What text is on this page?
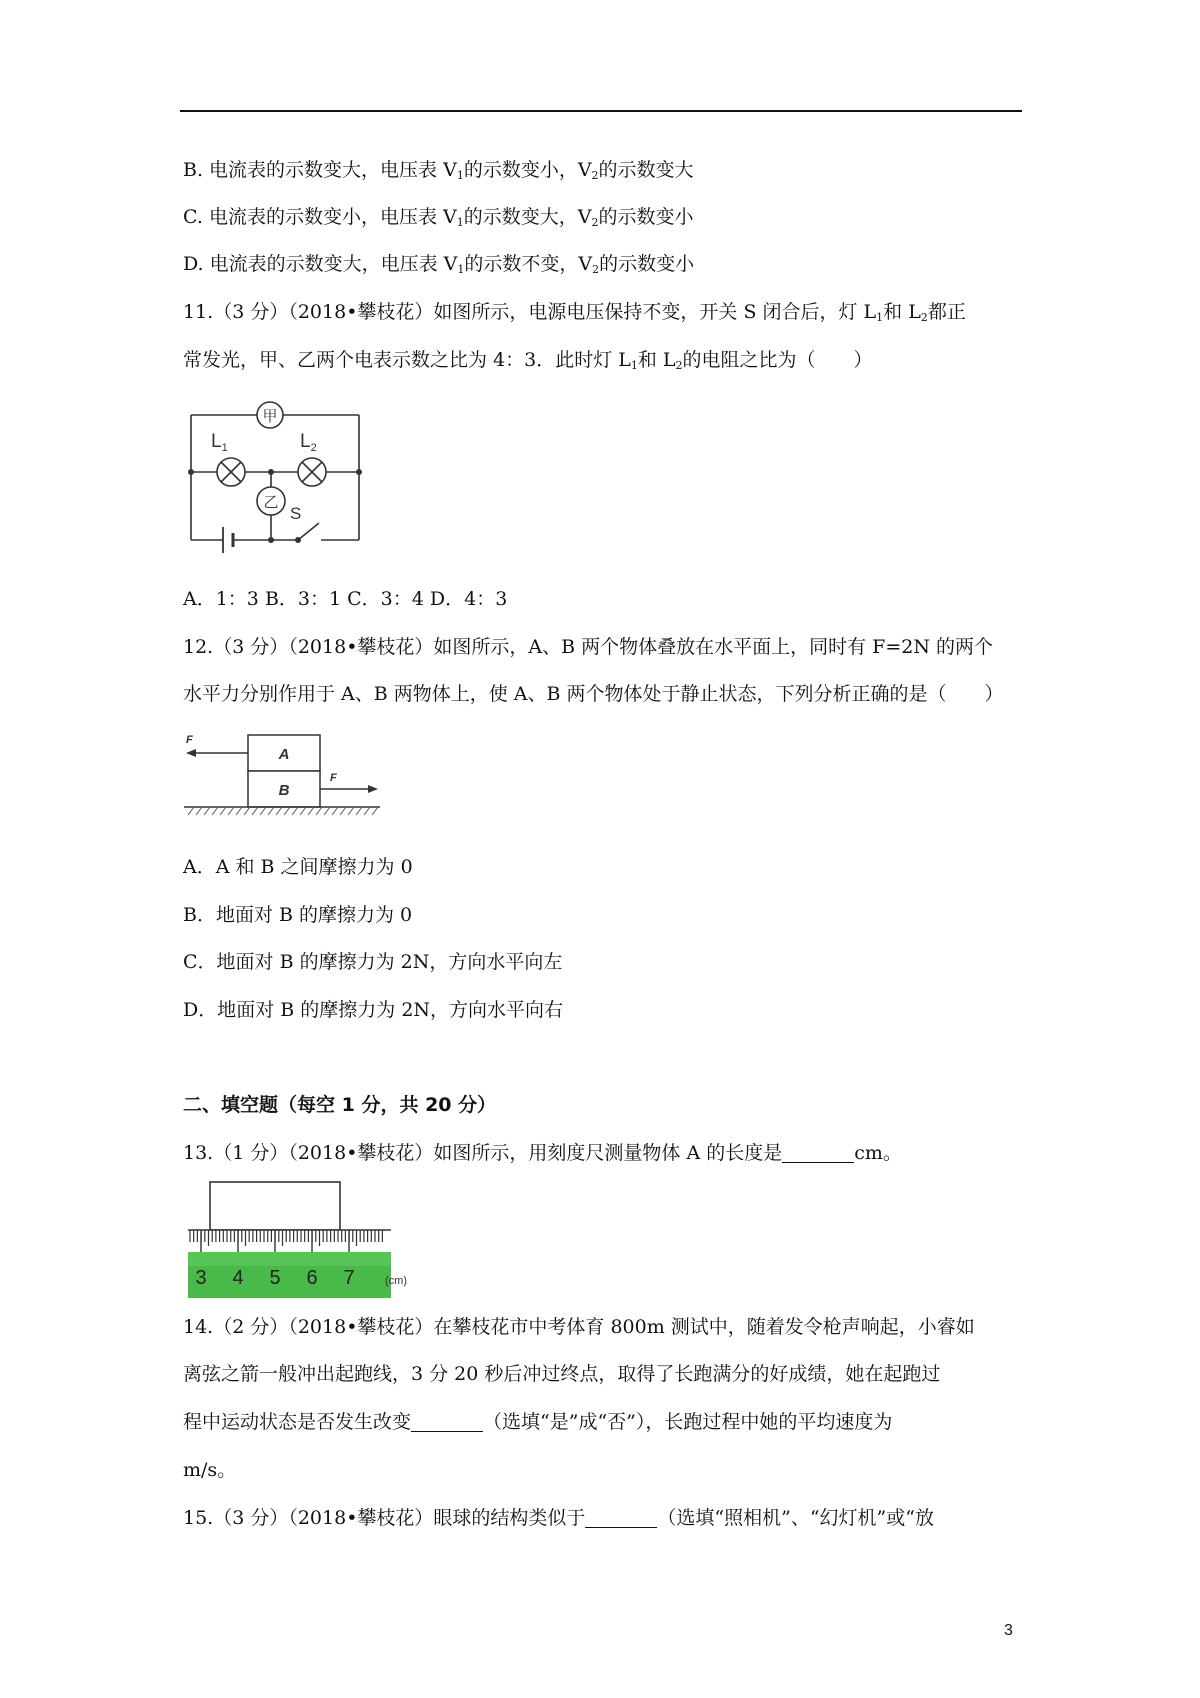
B. 电流表的示数变大，电压表 $V_1$的示数变小，$V_2$的示数变大
C. 电流表的示数变小，电压表 $V_1$的示数变大，$V_2$的示数变小
D. 电流表的示数变大，电压表 $V_1$的示数不变，$V_2$的示数变小
11.（3 分）（2018•攀枝花）如图所示，电源电压保持不变，开关 S 闭合后，灯 $L_1$和 $L_2$都正
常发光，甲、乙两个电表示数之比为 4：3．此时灯 $L_1$和 $L_2$的电阻之比为（　　）
S
甲
乙
$L_1$	$L_2$
A．1：3 B．3：1 C．3：4 D．4：3
12.（3 分）（2018•攀枝花）如图所示，A、B 两个物体叠放在水平面上，同时有 F=2N 的两个
水平力分别作用于 A、B 两物体上，使 A、B 两个物体处于静止状态，下列分析正确的是（　　）
A
B
F
F
A．A 和 B 之间摩擦力为 0
B．地面对 B 的摩擦力为 0
C．地面对 B 的摩擦力为 2N，方向水平向左
D．地面对 B 的摩擦力为 2N，方向水平向右
二、填空题（每空 1 分，共 20 分）
13.（1 分）（2018•攀枝花）如图所示，用刻度尺测量物体 A 的长度是	cm。
3 4 5 6 7	(cm)
14.（2 分）（2018•攀枝花）在攀枝花市中考体育 800m 测试中，随着发令枪声响起，小睿如
离弦之箭一般冲出起跑线，3 分 20 秒后冲过终点，取得了长跑满分的好成绩，她在起跑过
程中运动状态是否发生改变	（选填“是”成“否”），长跑过程中她的平均速度为
m/s。
15.（3 分）（2018•攀枝花）眼球的结构类似于	（选填“照相机”、“幻灯机”或“放
3
